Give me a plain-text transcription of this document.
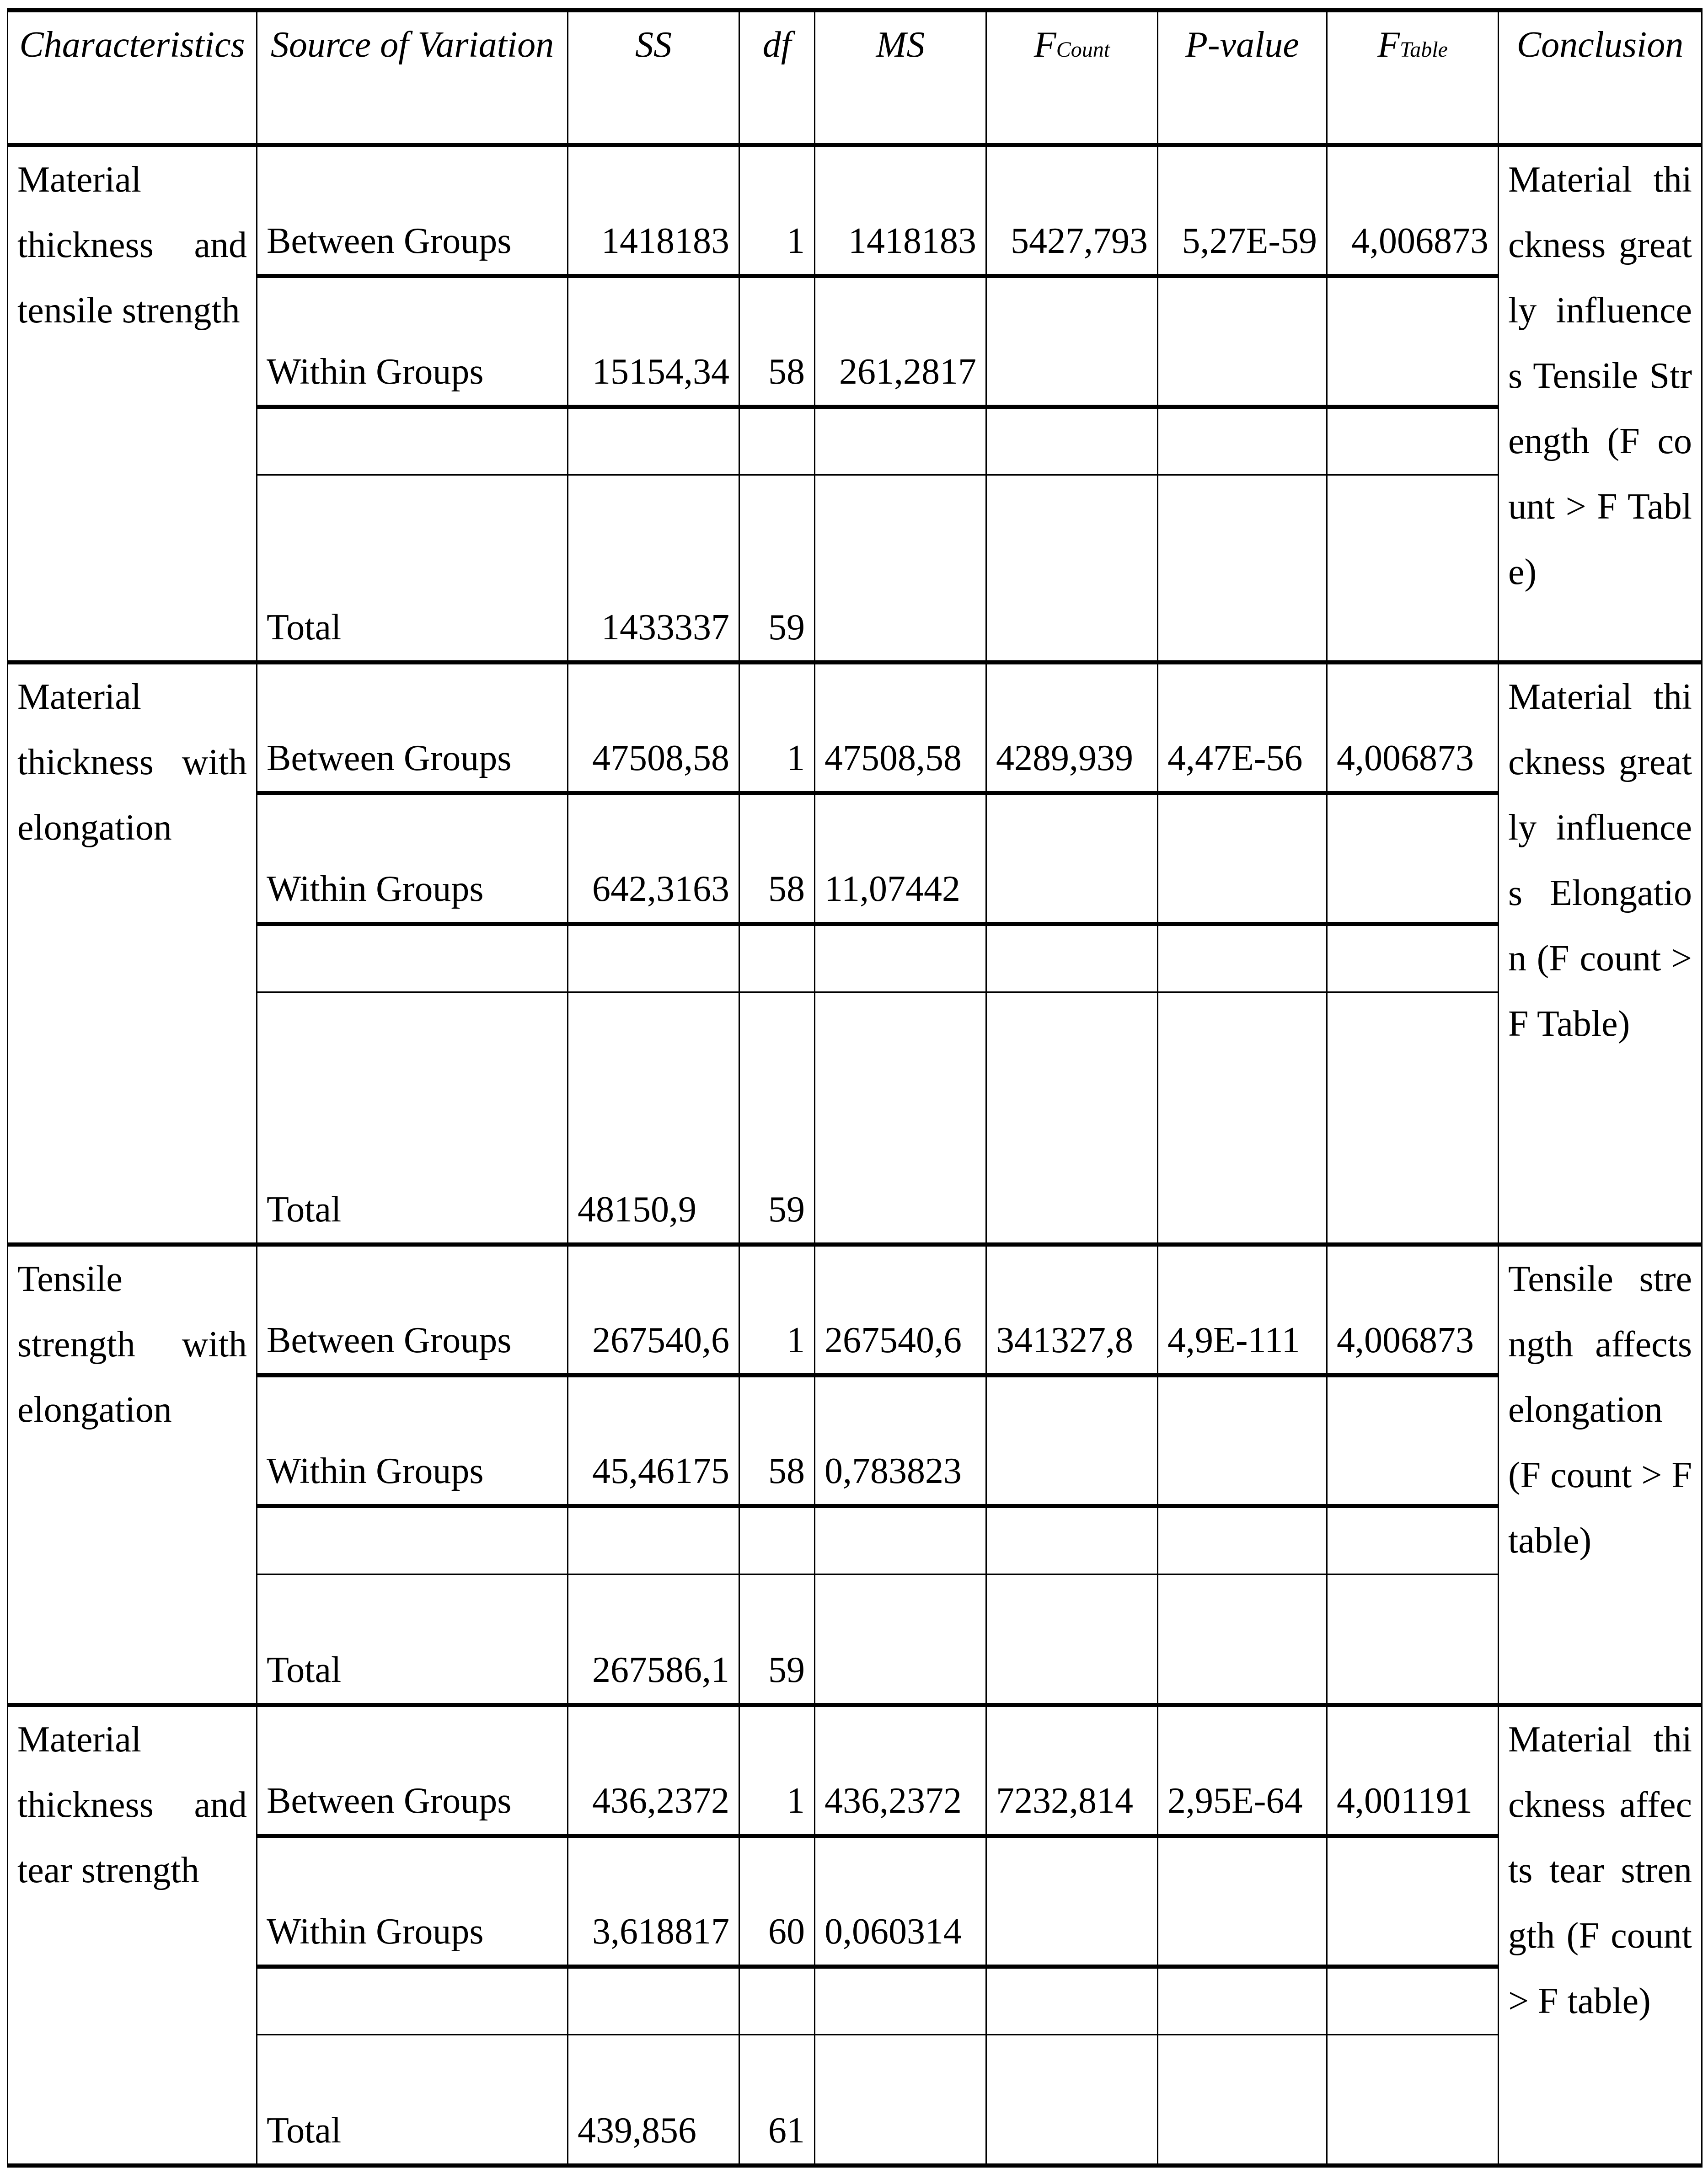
Characteristics	Source of Variation	SS	df	MS	FCount	P-value	FTable	Conclusion
Material thickness and tensile strength	Between Groups	1418183	1	1418183	5427,793	5,27E-59	4,006873	Material thickness greatly influences Tensile Strength (F count > F Table)
	Within Groups	15154,34	58	261,2817				

	Total	1433337	59					
Material thickness with elongation	Between Groups	47508,58	1	47508,58	4289,939	4,47E-56	4,006873	Material thickness greatly influences Elongation (F count > F Table)
	Within Groups	642,3163	58	11,07442				

	Total	48150,9	59					
Tensile strength with elongation	Between Groups	267540,6	1	267540,6	341327,8	4,9E-111	4,006873	Tensile strength affects elongation (F count > F table)
	Within Groups	45,46175	58	0,783823				

	Total	267586,1	59					
Material thickness and tear strength	Between Groups	436,2372	1	436,2372	7232,814	2,95E-64	4,001191	Material thickness affects tear strength (F count > F table)
	Within Groups	3,618817	60	0,060314				

	Total	439,856	61					
